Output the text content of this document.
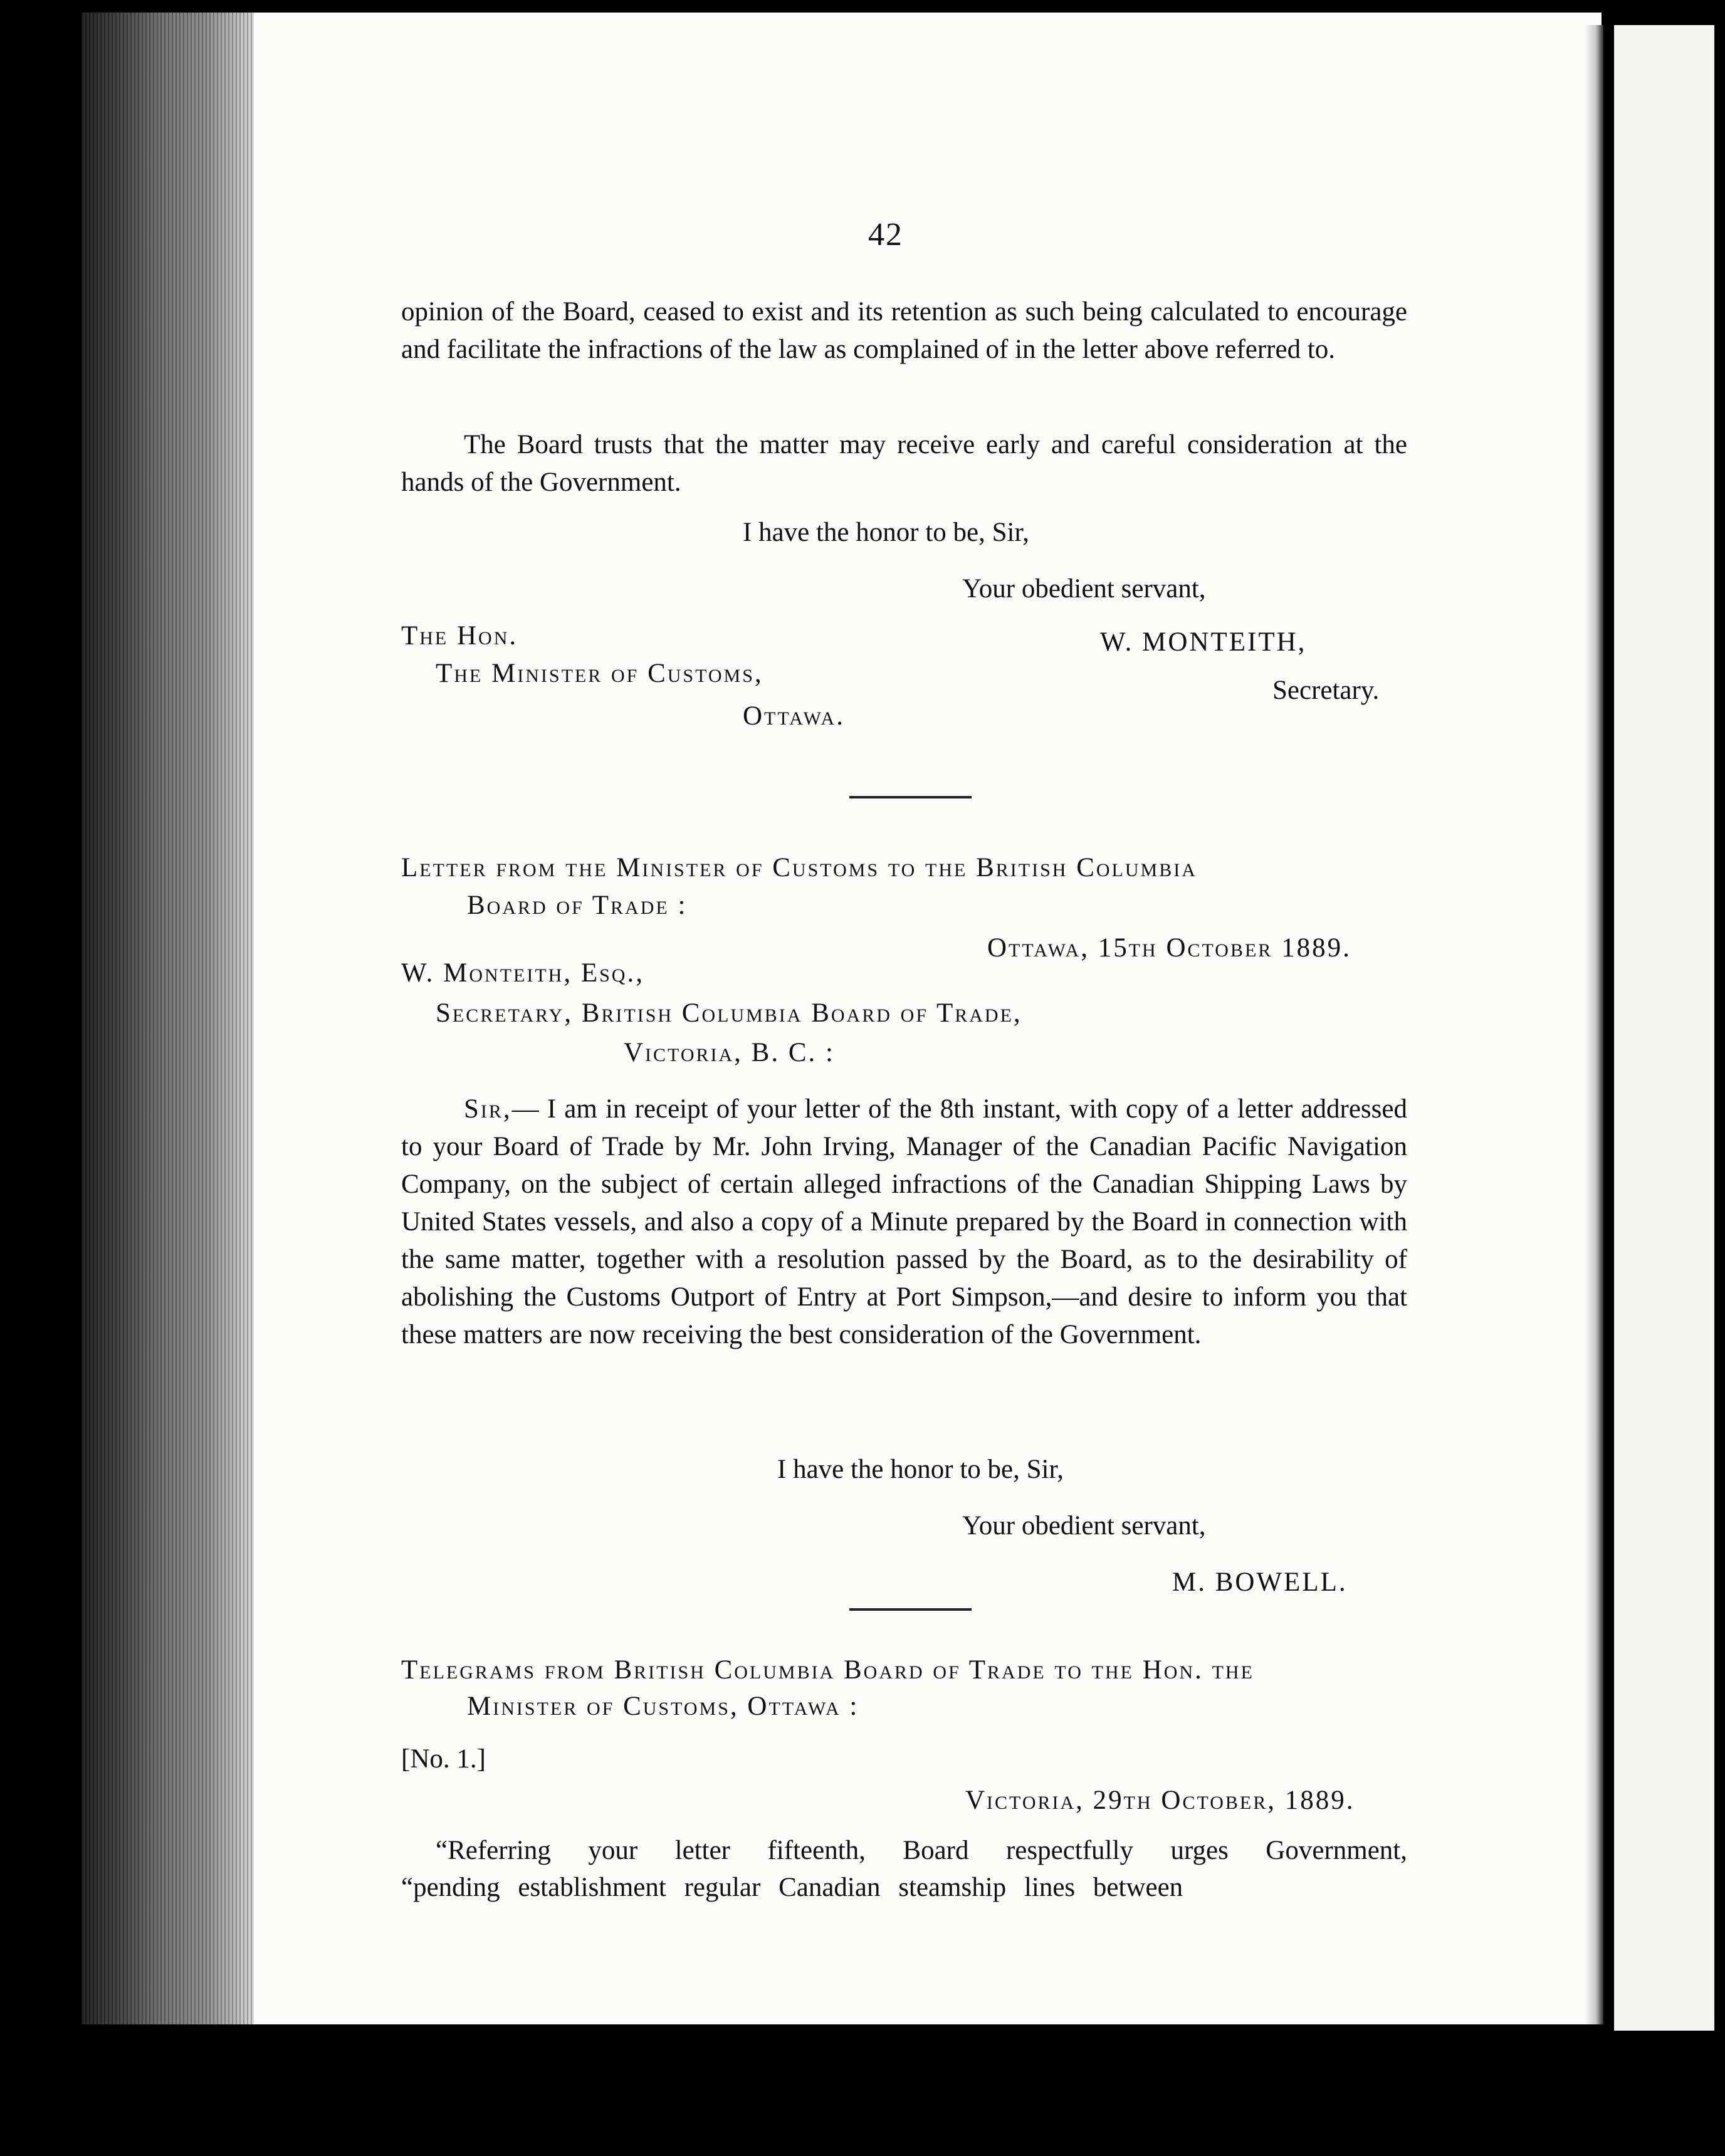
42

opinion of the Board, ceased to exist and its retention as such being calculated to encourage and facilitate the infractions of the law as complained of in the letter above referred to.

The Board trusts that the matter may receive early and careful consideration at the hands of the Government.

I have the honor to be, Sir,
Your obedient servant,
The Hon.	W. MONTEITH,
The Minister of Customs,
Secretary.
Ottawa.
Letter from the Minister of Customs to the British Columbia
Board of Trade :
Ottawa, 15th October 1889.
W. Monteith, Esq.,
Secretary, British Columbia Board of Trade,
Victoria, B. C. :

Sir,— I am in receipt of your letter of the 8th instant, with copy of a letter addressed to your Board of Trade by Mr. John Irving, Manager of the Canadian Pacific Navigation Company, on the subject of certain alleged infractions of the Canadian Shipping Laws by United States vessels, and also a copy of a Minute prepared by the Board in connection with the same matter, together with a resolution passed by the Board, as to the desirability of abolishing the Customs Outport of Entry at Port Simpson,—and desire to inform you that these matters are now receiving the best consideration of the Government.

I have the honor to be, Sir,
Your obedient servant,
M. BOWELL.
Telegrams from British Columbia Board of Trade to the Hon. the
Minister of Customs, Ottawa :
[No. 1.]
Victoria, 29th October, 1889.
“Referring your letter fifteenth, Board respectfully urges Government,
“pending establishment regular Canadian steamship lines between
